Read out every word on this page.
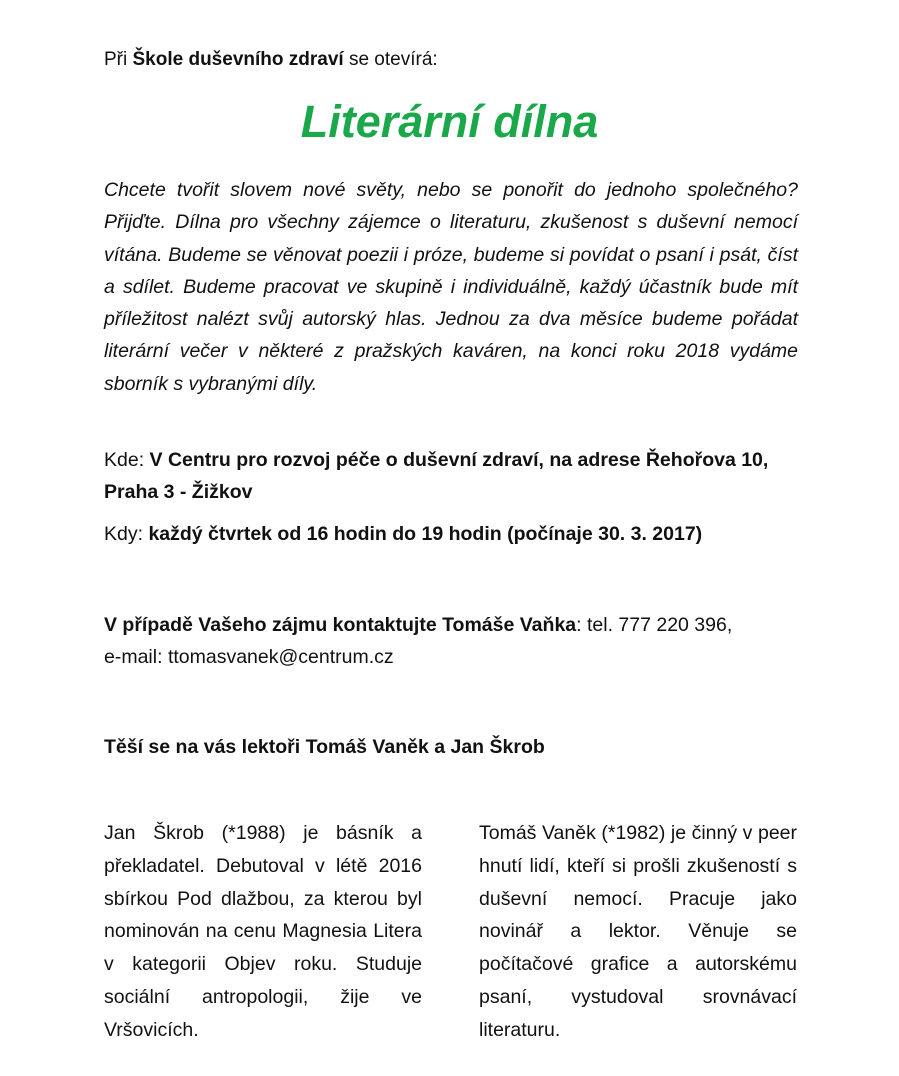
Při Škole duševního zdraví se otevírá:
Literární dílna

Chcete tvořit slovem nové světy, nebo se ponořit do jednoho společného? Přijďte. Dílna pro všechny zájemce o literaturu, zkušenost s duševní nemocí vítána. Budeme se věnovat poezii i próze, budeme si povídat o psaní i psát, číst a sdílet. Budeme pracovat ve skupině i individuálně, každý účastník bude mít příležitost nalézt svůj autorský hlas. Jednou za dva měsíce budeme pořádat literární večer v některé z pražských kaváren, na konci roku 2018 vydáme sborník s vybranými díly.

Kde: V Centru pro rozvoj péče o duševní zdraví, na adrese Řehořova 10, Praha 3 - Žižkov

Kdy: každý čtvrtek od 16 hodin do 19 hodin (počínaje 30. 3. 2017)

V případě Vašeho zájmu kontaktujte Tomáše Vaňka: tel. 777 220 396,
e-mail: ttomasvanek@centrum.cz

Těší se na vás lektoři Tomáš Vaněk a Jan Škrob

Jan Škrob (*1988) je básník a překladatel. Debutoval v létě 2016 sbírkou Pod dlažbou, za kterou byl nominován na cenu Magnesia Litera v kategorii Objev roku. Studuje sociální antropologii, žije ve Vršovicích.

Tomáš Vaněk (*1982) je činný v peer hnutí lidí, kteří si prošli zkušeností s duševní nemocí. Pracuje jako novinář a lektor. Věnuje se počítačové grafice a autorskému psaní, vystudoval srovnávací literaturu.
